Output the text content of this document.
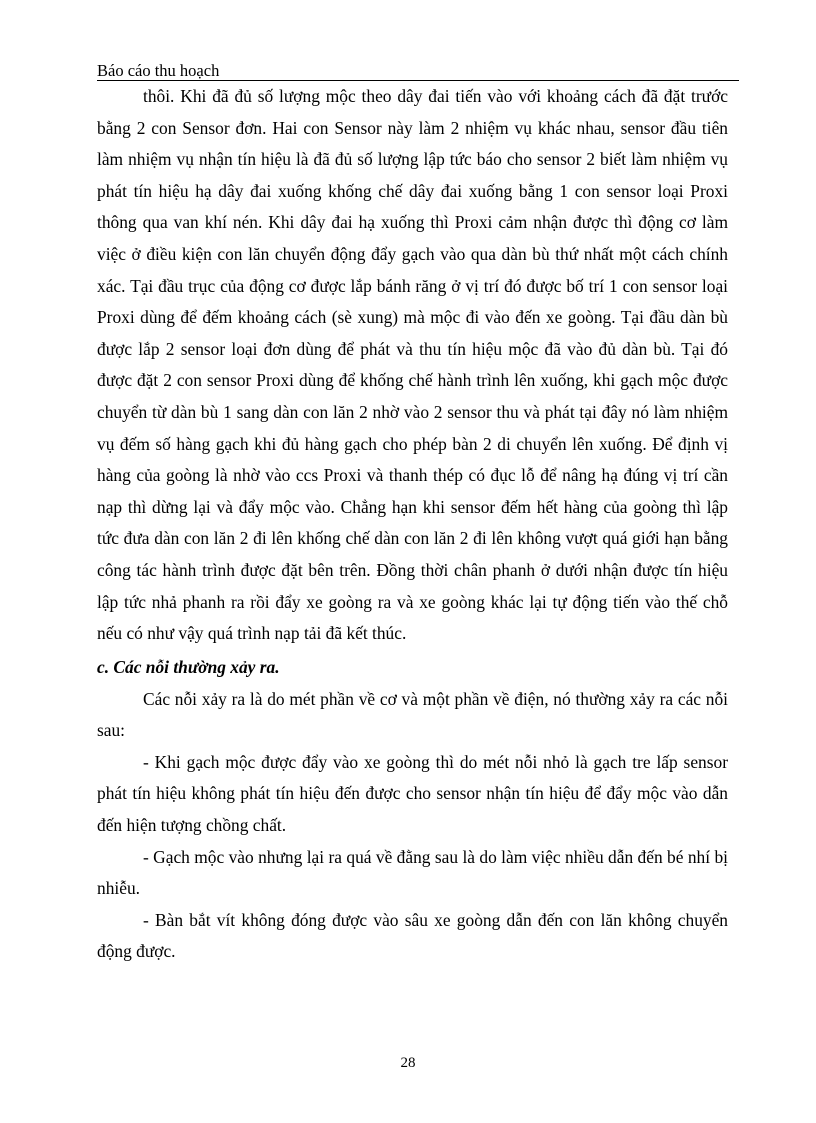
Báo cáo thu hoạch

thôi. Khi đã đủ số lượng mộc theo dây đai tiến vào với khoảng cách đã đặt trước bằng 2 con Sensor đơn. Hai con Sensor này làm 2 nhiệm vụ khác nhau, sensor đầu tiên làm nhiệm vụ nhận tín hiệu là đã đủ số lượng lập tức báo cho sensor 2 biết làm nhiệm vụ phát tín hiệu hạ dây đai xuống khống chế dây đai xuống bằng 1 con sensor loại Proxi thông qua van khí nén. Khi dây đai hạ xuống thì Proxi cảm nhận được thì động cơ làm việc ở điều kiện con lăn chuyển động đẩy gạch vào qua dàn bù thứ nhất một cách chính xác. Tại đầu trục của động cơ được lắp bánh răng ở vị trí đó được bố trí 1 con sensor loại Proxi dùng để đếm khoảng cách (sè xung) mà mộc đi vào đến xe goòng. Tại đầu dàn bù được lắp 2 sensor loại đơn dùng để phát và thu tín hiệu mộc đã vào đủ dàn bù. Tại đó được đặt 2 con sensor Proxi dùng để khống chế hành trình lên xuống, khi gạch mộc được chuyển từ dàn bù 1 sang dàn con lăn 2 nhờ vào 2 sensor thu và phát tại đây nó làm nhiệm vụ đếm số hàng gạch khi đủ hàng gạch cho phép bàn 2 di chuyển lên xuống. Để định vị hàng của goòng là nhờ vào ccs Proxi và thanh thép có đục lỗ để nâng hạ đúng vị trí cần nạp thì dừng lại và đẩy mộc vào. Chẳng hạn khi sensor đếm hết hàng của goòng thì lập tức đưa dàn con lăn 2 đi lên khống chế dàn con lăn 2 đi lên không vượt quá giới hạn bằng công tác hành trình được đặt bên trên. Đồng thời chân phanh ở dưới nhận được tín hiệu lập tức nhả phanh ra rồi đẩy xe goòng ra và xe goòng khác lại tự động tiến vào thế chỗ nếu có như vậy quá trình nạp tải đã kết thúc.

c. Các nỗi thường xảy ra.

Các nỗi xảy ra là do mét phần về cơ và một phần về điện, nó thường xảy ra các nỗi sau:

- Khi gạch mộc được đẩy vào xe goòng thì do mét nỗi nhỏ là gạch tre lấp sensor phát tín hiệu không phát tín hiệu đến được cho sensor nhận tín hiệu để đẩy mộc vào dẫn đến hiện tượng chồng chất.

- Gạch mộc vào nhưng lại ra quá về đằng sau là do làm việc nhiều dẫn đến bé nhí bị nhiễu.

- Bàn bắt vít không đóng được vào sâu xe goòng dẫn đến con lăn không chuyển động được.

28
